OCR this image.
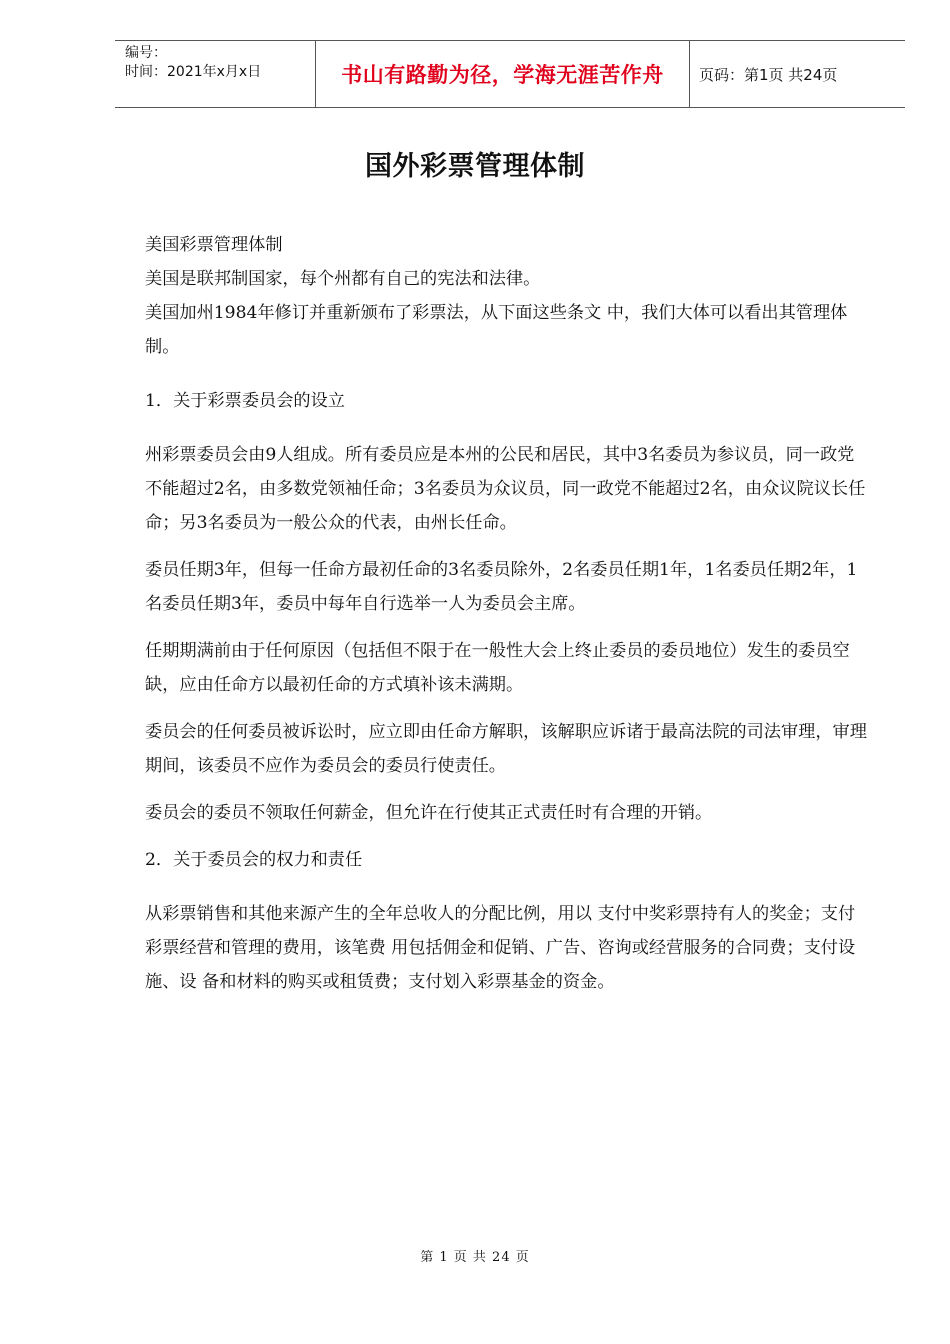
编号：
时间：2021年x月x日	书山有路勤为径，学海无涯苦作舟 页码：第1页 共24页
国外彩票管理体制

美国彩票管理体制

美国是联邦制国家，每个州都有自己的宪法和法律。

美国加州1984年修订并重新颁布了彩票法，从下面这些条文 中，我们大体可以看出其管理体制。

1．关于彩票委员会的设立

州彩票委员会由9人组成。所有委员应是本州的公民和居民，其中3名委员为参议员，同一政党不能超过2名，由多数党领袖任命；3名委员为众议员，同一政党不能超过2名，由众议院议长任命；另3名委员为一般公众的代表，由州长任命。

委员任期3年，但每一任命方最初任命的3名委员除外，2名委员任期1年，1名委员任期2年，1名委员任期3年，委员中每年自行选举一人为委员会主席。

任期期满前由于任何原因（包括但不限于在一般性大会上终止委员的委员地位）发生的委员空缺，应由任命方以最初任命的方式填补该未满期。

委员会的任何委员被诉讼时，应立即由任命方解职，该解职应诉诸于最高法院的司法审理，审理期间，该委员不应作为委员会的委员行使责任。

委员会的委员不领取任何薪金，但允许在行使其正式责任时有合理的开销。

2．关于委员会的权力和责任

从彩票销售和其他来源产生的全年总收人的分配比例，用以 支付中奖彩票持有人的奖金；支付彩票经营和管理的费用，该笔费 用包括佣金和促销、广告、咨询或经营服务的合同费；支付设施、设 备和材料的购买或租赁费；支付划入彩票基金的资金。

第 1 页 共 24 页
